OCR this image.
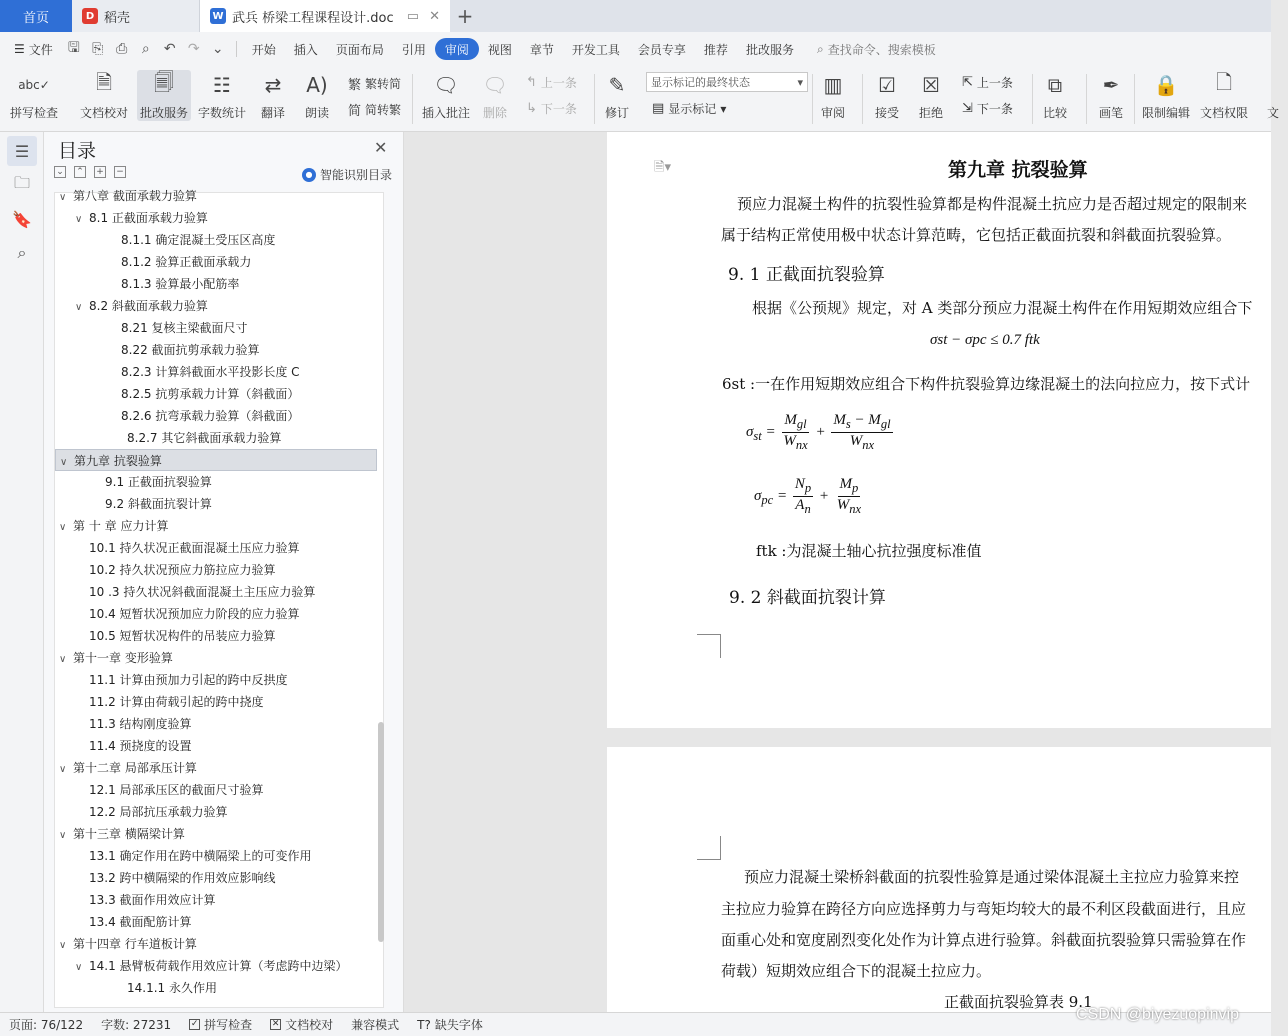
首页	D 稻壳	W 武兵 桥梁工程课程设计.doc ▭ ✕ +
☰ 文件	🖫 ⎘ ⎙	⌕	↶ ↷ ⌄	开始	插入	页面布局	引用	审阅	视图	章节	开发工具	会员专享	推荐	批改服务	⌕ 查找命令、搜索模板
abc✓
拼写检查
🗎
文档校对
🗐
批改服务
☷
字数统计
⇄
翻译
A)
朗读
繁 繁转简
简 简转繁
🗨
插入批注
🗨
删除
↰ 上一条
↳ 下一条
✎
修订 ▤ 显示标记 ▾
▥
审阅
☑
接受
☒
拒绝
⇱ 上一条
⇲ 下一条
⧉
比较
✒
画笔
🔒
限制编辑
🗋
文档权限 文
显示标记的最终状态	▾
☰
🗀
🔖
⌕
目录	✕
⌄ ⌃ + −	● 智能识别目录
∨ 第八章 截面承载力验算
∨ 8.1 正截面承载力验算
8.1.1 确定混凝土受压区高度
8.1.2 验算正截面承载力
8.1.3 验算最小配筋率
∨ 8.2 斜截面承载力验算
8.21 复核主梁截面尺寸
8.22 截面抗剪承载力验算
8.2.3 计算斜截面水平投影长度 C
8.2.5 抗剪承载力计算（斜截面）
8.2.6 抗弯承载力验算（斜截面）
8.2.7 其它斜截面承载力验算
∨ 第九章 抗裂验算
9.1 正截面抗裂验算
9.2 斜截面抗裂计算
∨ 第 十 章 应力计算
10.1 持久状况正截面混凝土压应力验算
10.2 持久状况预应力筋拉应力验算
10 .3 持久状况斜截面混凝土主压应力验算
10.4 短暂状况预加应力阶段的应力验算
10.5 短暂状况构件的吊装应力验算
∨ 第十一章 变形验算
11.1 计算由预加力引起的跨中反拱度
11.2 计算由荷载引起的跨中挠度
11.3 结构刚度验算
11.4 预挠度的设置
∨ 第十二章 局部承压计算
12.1 局部承压区的截面尺寸验算
12.2 局部抗压承载力验算
∨ 第十三章 横隔梁计算
13.1 确定作用在跨中横隔梁上的可变作用
13.2 跨中横隔梁的作用效应影响线
13.3 截面作用效应计算
13.4 截面配筋计算
∨ 第十四章 行车道板计算
∨ 14.1 悬臂板荷载作用效应计算（考虑跨中边梁）
14.1.1 永久作用
🗎▾	第九章 抗裂验算
预应力混凝土构件的抗裂性验算都是构件混凝土抗应力是否超过规定的限制来
属于结构正常使用极中状态计算范畴，它包括正截面抗裂和斜截面抗裂验算。
9. 1 正截面抗裂验算
根据《公预规》规定，对 A 类部分预应力混凝土构件在作用短期效应组合下
σst − σpc ≤ 0.7 ftk
6st :一在作用短期效应组合下构件抗裂验算边缘混凝土的法向拉应力，按下式计
$\sigma_{st} = \frac{M_{gl}}{W_{nx}} + \frac{M_s - M_{gl}}{W_{nx}}$
$\sigma_{pc} = \frac{N_p}{A_n} + \frac{M_p}{W_{nx}}$
ftk :为混凝土轴心抗拉强度标准值
9. 2 斜截面抗裂计算
预应力混凝土梁桥斜截面的抗裂性验算是通过梁体混凝土主拉应力验算来控
主拉应力验算在跨径方向应选择剪力与弯矩均较大的最不利区段截面进行，且应
面重心处和宽度剧烈变化处作为计算点进行验算。斜截面抗裂验算只需验算在作
荷载）短期效应组合下的混凝土拉应力。
正截面抗裂验算表 9.1
页面: 76/122	字数: 27231	✓ 拼写检查 ✕ 文档校对	兼容模式	T? 缺失字体
CSDN @biyezuopinvip
